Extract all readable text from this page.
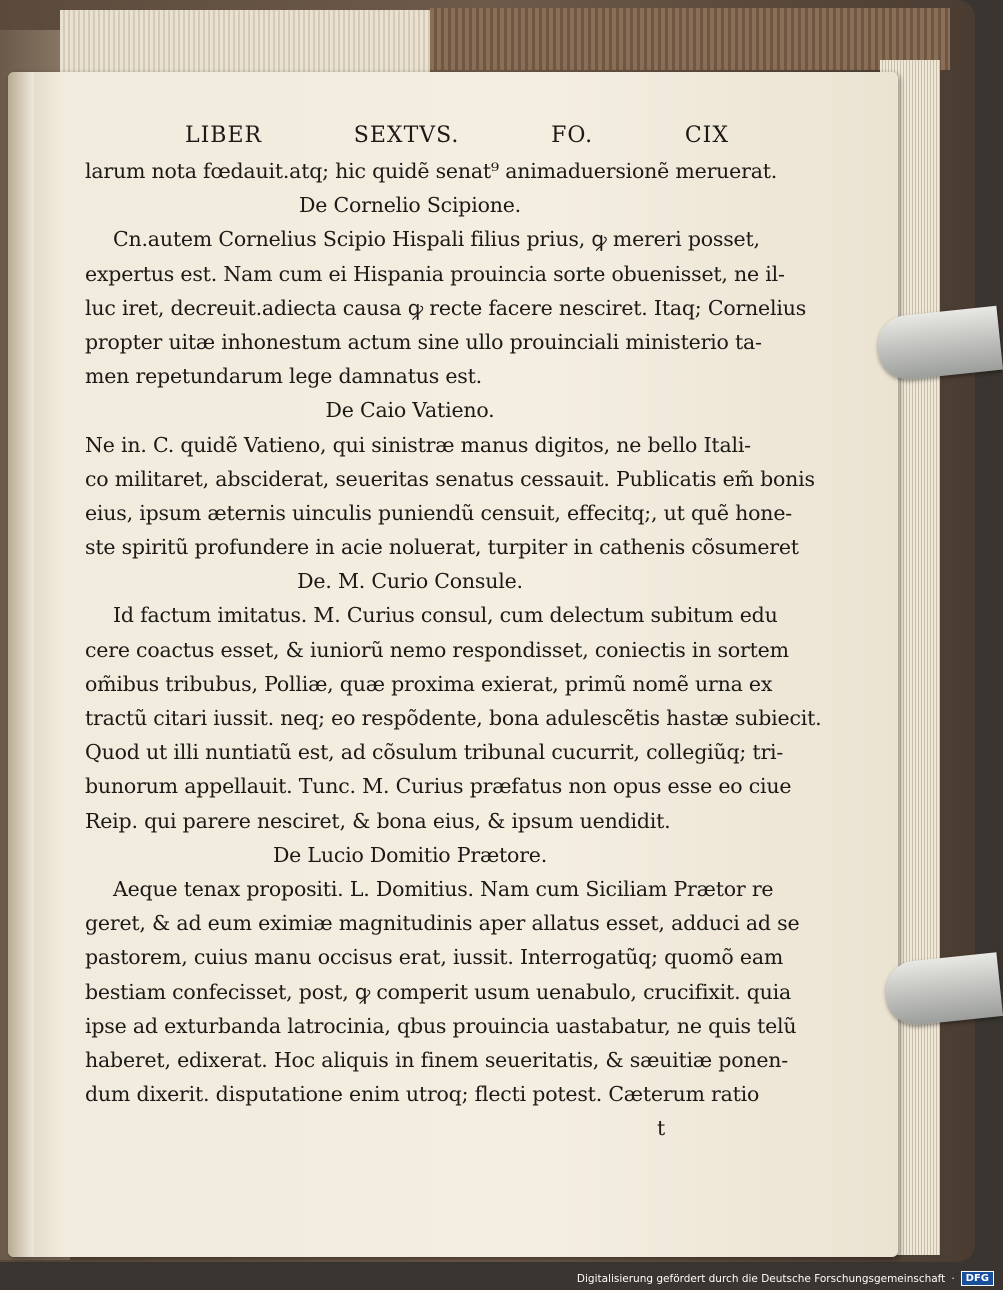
LIBER	SEXTVS.	FO.	CIX
larum nota fœdauit.atq; hic quidẽ senat⁹ animaduersionẽ meruerat.
De Cornelio Scipione.
Cn.autem Cornelius Scipio Hispali filius prius, ꝙ mereri posset,
expertus est. Nam cum ei Hispania prouincia sorte obuenisset, ne il-
luc iret, decreuit.adiecta causa ꝙ recte facere nesciret. Itaq; Cornelius
propter uitæ inhonestum actum sine ullo prouinciali ministerio ta-
men repetundarum lege damnatus est.
De Caio Vatieno.
Ne in. C. quidẽ Vatieno, qui sinistræ manus digitos, ne bello Itali-
co militaret, absciderat, seueritas senatus cessauit. Publicatis em̃ bonis
eius, ipsum æternis uinculis puniendũ censuit, effecitq;, ut quẽ hone-
ste spiritũ profundere in acie noluerat, turpiter in cathenis cõsumeret
De. M. Curio Consule.
Id factum imitatus. M. Curius consul, cum delectum subitum edu
cere coactus esset, & iuniorũ nemo respondisset, coniectis in sortem
om̃ibus tribubus, Polliæ, quæ proxima exierat, primũ nomẽ urna ex
tractũ citari iussit. neq; eo respõdente, bona adulescẽtis hastæ subiecit.
Quod ut illi nuntiatũ est, ad cõsulum tribunal cucurrit, collegiũq; tri-
bunorum appellauit. Tunc. M. Curius præfatus non opus esse eo ciue
Reip. qui parere nesciret, & bona eius, & ipsum uendidit.
De Lucio Domitio Prætore.
Aeque tenax propositi. L. Domitius. Nam cum Siciliam Prætor re
geret, & ad eum eximiæ magnitudinis aper allatus esset, adduci ad se
pastorem, cuius manu occisus erat, iussit. Interrogatũq; quomõ eam
bestiam confecisset, post, ꝙ comperit usum uenabulo, crucifixit. quia
ipse ad exturbanda latrocinia, qbus prouincia uastabatur, ne quis telũ
haberet, edixerat. Hoc aliquis in finem seueritatis, & sæuitiæ ponen-
dum dixerit. disputatione enim utroq; flecti potest. Cæterum ratio
t
Digitalisierung gefördert durch die Deutsche Forschungsgemeinschaft ·	DFG
